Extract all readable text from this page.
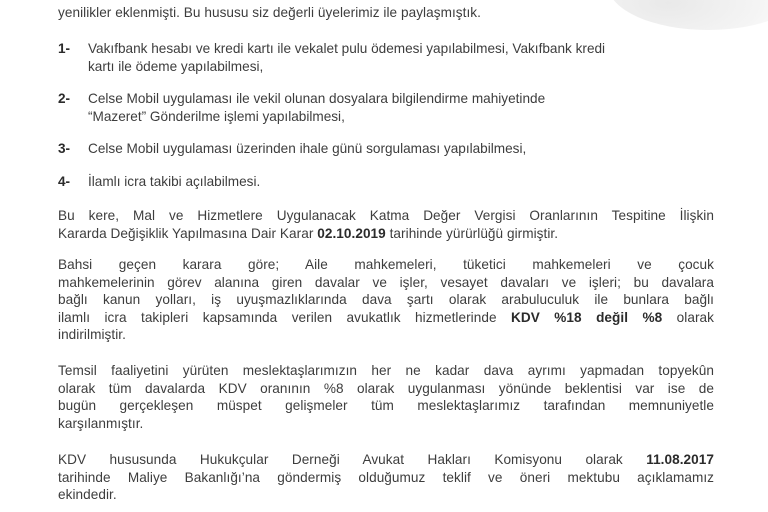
yenilikler eklenmişti. Bu hususu siz değerli üyelerimiz ile paylaşmıştık.
1- Vakıfbank hesabı ve kredi kartı ile vekalet pulu ödemesi yapılabilmesi, Vakıfbank kredi
kartı ile ödeme yapılabilmesi,
2- Celse Mobil uygulaması ile vekil olunan dosyalara bilgilendirme mahiyetinde
“Mazeret” Gönderilme işlemi yapılabilmesi,
3- Celse Mobil uygulaması üzerinden ihale günü sorgulaması yapılabilmesi,
4- İlamlı icra takibi açılabilmesi.
Bu kere, Mal ve Hizmetlere Uygulanacak Katma Değer Vergisi Oranlarının Tespitine İlişkin
Kararda Değişiklik Yapılmasına Dair Karar 02.10.2019 tarihinde yürürlüğü girmiştir.
Bahsi geçen karara göre; Aile mahkemeleri, tüketici mahkemeleri ve çocuk
mahkemelerinin görev alanına giren davalar ve işler, vesayet davaları ve işleri; bu davalara
bağlı kanun yolları, iş uyuşmazlıklarında dava şartı olarak arabuluculuk ile bunlara bağlı
ilamlı icra takipleri kapsamında verilen avukatlık hizmetlerinde KDV %18 değil %8 olarak
indirilmiştir.
Temsil faaliyetini yürüten meslektaşlarımızın her ne kadar dava ayrımı yapmadan topyekûn
olarak tüm davalarda KDV oranının %8 olarak uygulanması yönünde beklentisi var ise de
bugün gerçekleşen müspet gelişmeler tüm meslektaşlarımız tarafından memnuniyetle
karşılanmıştır.
KDV hususunda Hukukçular Derneği Avukat Hakları Komisyonu olarak 11.08.2017
tarihinde Maliye Bakanlığı’na göndermiş olduğumuz teklif ve öneri mektubu açıklamamız
ekindedir.
